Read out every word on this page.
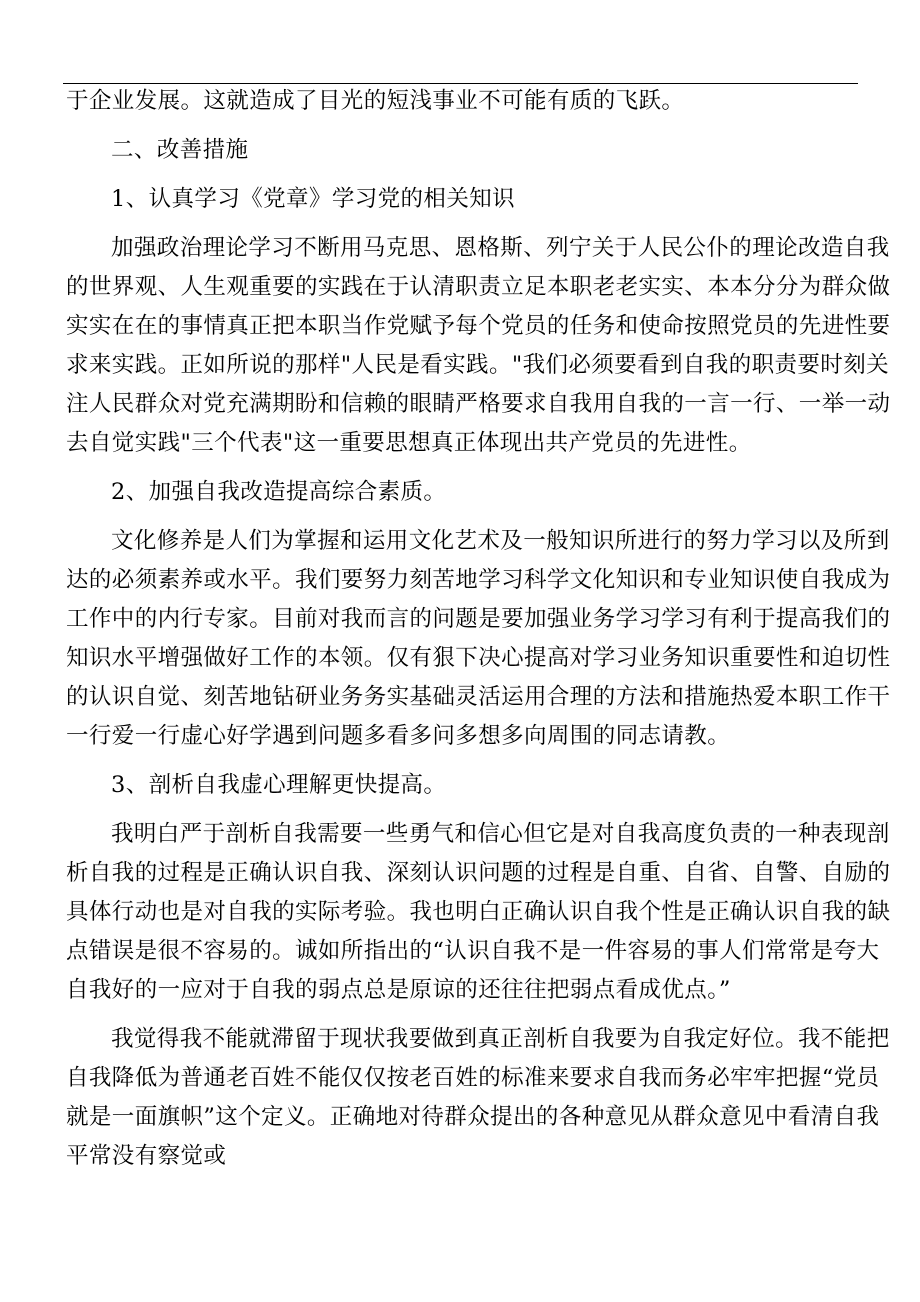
于企业发展。这就造成了目光的短浅事业不可能有质的飞跃。
二、改善措施
1、认真学习《党章》学习党的相关知识
加强政治理论学习不断用马克思、恩格斯、列宁关于人民公仆的理论改造自我
的世界观、人生观重要的实践在于认清职责立足本职老老实实、本本分分为群众做
实实在在的事情真正把本职当作党赋予每个党员的任务和使命按照党员的先进性要
求来实践。正如所说的那样"人民是看实践。"我们必须要看到自我的职责要时刻关
注人民群众对党充满期盼和信赖的眼睛严格要求自我用自我的一言一行、一举一动
去自觉实践"三个代表"这一重要思想真正体现出共产党员的先进性。
2、加强自我改造提高综合素质。
文化修养是人们为掌握和运用文化艺术及一般知识所进行的努力学习以及所到
达的必须素养或水平。我们要努力刻苦地学习科学文化知识和专业知识使自我成为
工作中的内行专家。目前对我而言的问题是要加强业务学习学习有利于提高我们的
知识水平增强做好工作的本领。仅有狠下决心提高对学习业务知识重要性和迫切性
的认识自觉、刻苦地钻研业务务实基础灵活运用合理的方法和措施热爱本职工作干
一行爱一行虚心好学遇到问题多看多问多想多向周围的同志请教。
3、剖析自我虚心理解更快提高。
我明白严于剖析自我需要一些勇气和信心但它是对自我高度负责的一种表现剖
析自我的过程是正确认识自我、深刻认识问题的过程是自重、自省、自警、自励的
具体行动也是对自我的实际考验。我也明白正确认识自我个性是正确认识自我的缺
点错误是很不容易的。诚如所指出的“认识自我不是一件容易的事人们常常是夸大
自我好的一应对于自我的弱点总是原谅的还往往把弱点看成优点。”
我觉得我不能就滞留于现状我要做到真正剖析自我要为自我定好位。我不能把
自我降低为普通老百姓不能仅仅按老百姓的标准来要求自我而务必牢牢把握“党员
就是一面旗帜”这个定义。正确地对待群众提出的各种意见从群众意见中看清自我
平常没有察觉或
